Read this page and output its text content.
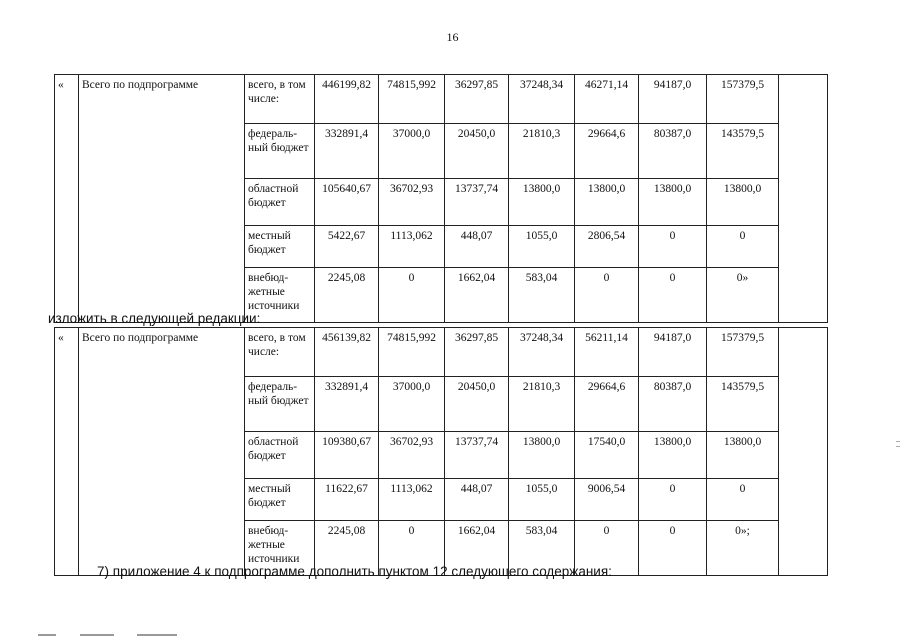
16
«	Всего по подпрограмме	всего, в том числе:	446199,82	74815,992	36297,85	37248,34	46271,14	94187,0	157379,5	
		федераль-ный бюджет	332891,4	37000,0	20450,0	21810,3	29664,6	80387,0	143579,5	
		областной бюджет	105640,67	36702,93	13737,74	13800,0	13800,0	13800,0	13800,0	
		местный бюджет	5422,67	1113,062	448,07	1055,0	2806,54	0	0	
		внебюд-жетные источники	2245,08	0	1662,04	583,04	0	0	0»	
изложить в следующей редакции:
«	Всего по подпрограмме	всего, в том числе:	456139,82	74815,992	36297,85	37248,34	56211,14	94187,0	157379,5	
		федераль-ный бюджет	332891,4	37000,0	20450,0	21810,3	29664,6	80387,0	143579,5	
		областной бюджет	109380,67	36702,93	13737,74	13800,0	17540,0	13800,0	13800,0	
		местный бюджет	11622,67	1113,062	448,07	1055,0	9006,54	0	0	
		внебюд-жетные источники	2245,08	0	1662,04	583,04	0	0	0»;	
7) приложение 4 к подпрограмме дополнить пунктом 12 следующего содержания:
